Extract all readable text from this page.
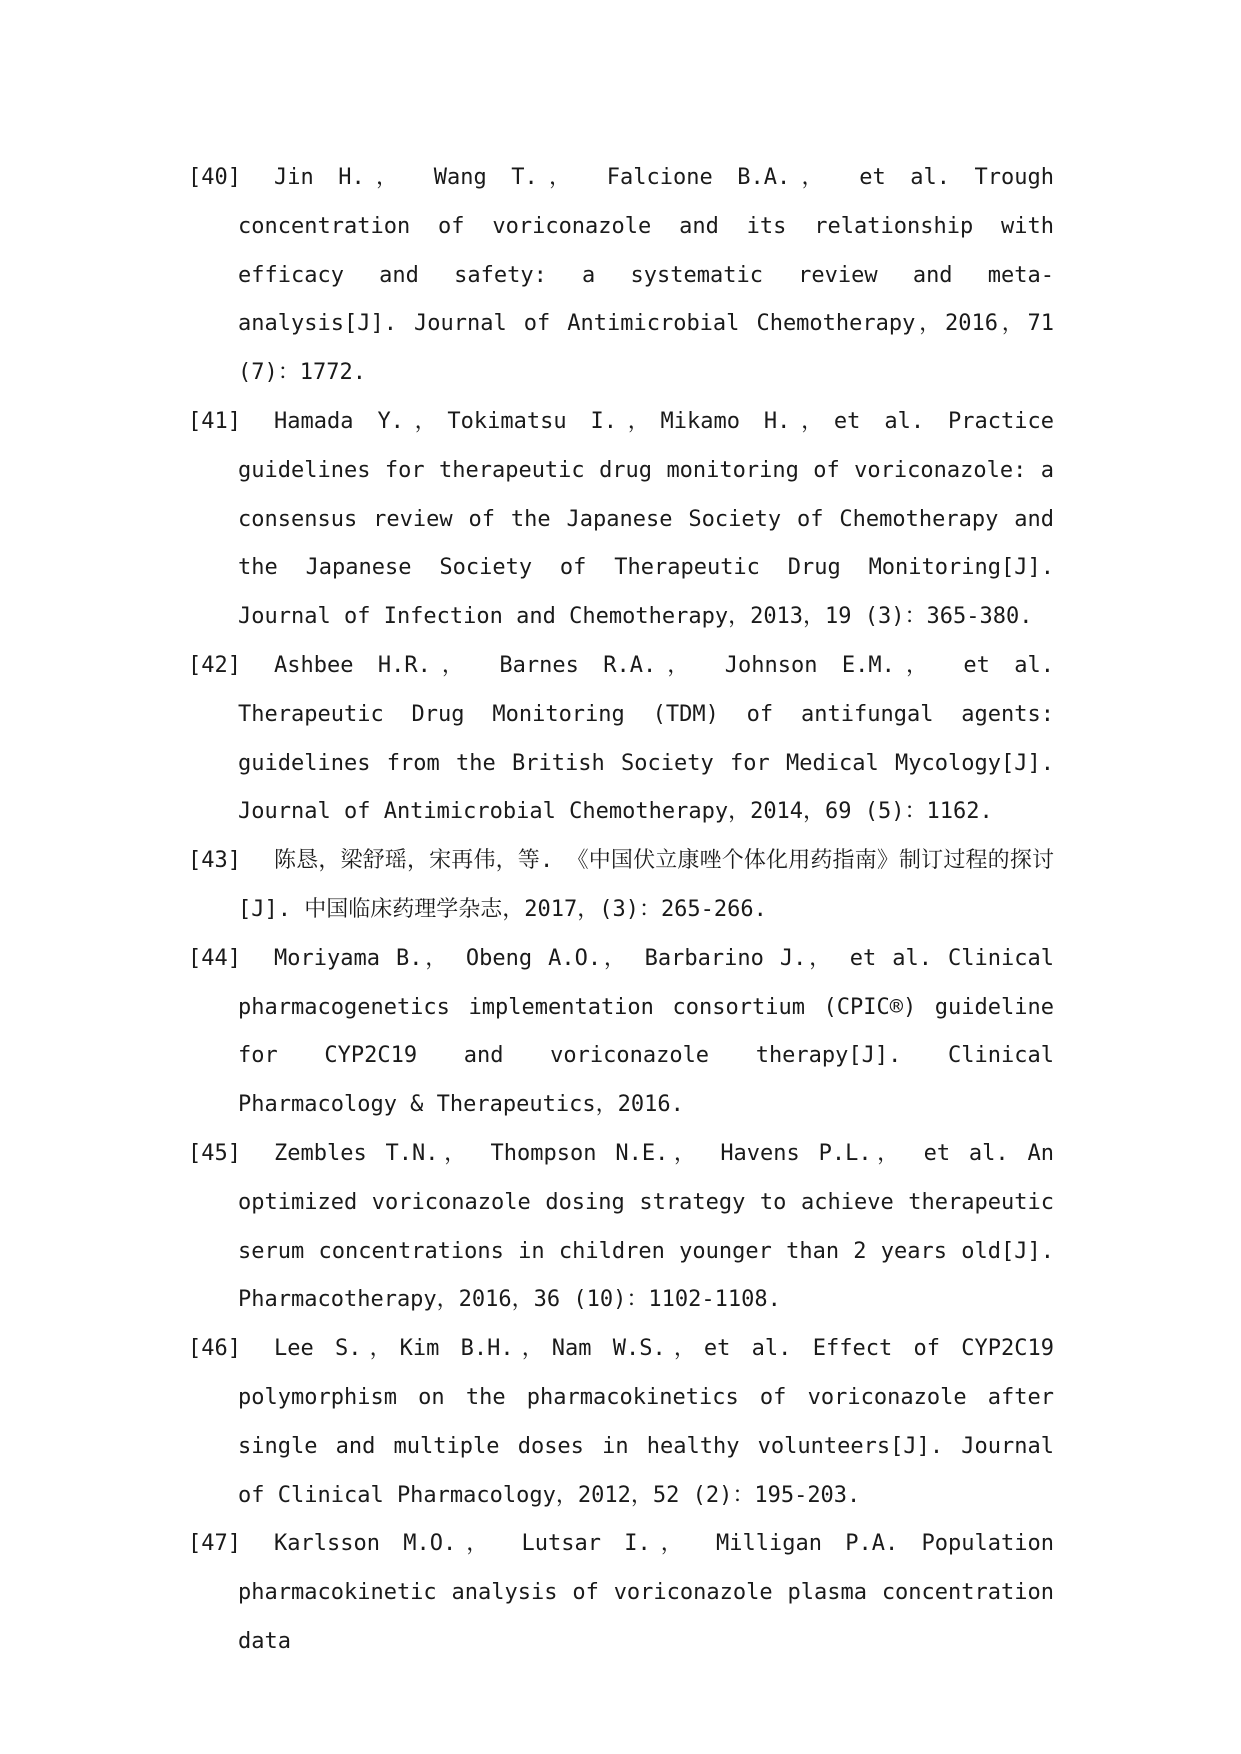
[40]	Jin H.， Wang T.， Falcione B.A.， et al. Trough concentration of voriconazole and its relationship with efficacy and safety: a systematic review and meta-analysis[J]. Journal of Antimicrobial Chemotherapy，2016，71 (7)：1772.
[41]	Hamada Y.，Tokimatsu I.，Mikamo H.，et al. Practice guidelines for therapeutic drug monitoring of voriconazole: a consensus review of the Japanese Society of Chemotherapy and the Japanese Society of Therapeutic Drug Monitoring[J]. Journal of Infection and Chemotherapy，2013，19 (3)：365-380.
[42]	Ashbee H.R.， Barnes R.A.， Johnson E.M.， et al. Therapeutic Drug Monitoring (TDM) of antifungal agents: guidelines from the British Society for Medical Mycology[J]. Journal of Antimicrobial Chemotherapy，2014，69 (5)：1162.
[43]	陈恳，梁舒瑶，宋再伟，等. 《中国伏立康唑个体化用药指南》制订过程的探讨[J]. 中国临床药理学杂志，2017，(3)：265-266.
[44]	Moriyama B.， Obeng A.O.， Barbarino J.， et al. Clinical pharmacogenetics implementation consortium (CPIC®) guideline for CYP2C19 and voriconazole therapy[J]. Clinical Pharmacology & Therapeutics，2016.
[45]	Zembles T.N.， Thompson N.E.， Havens P.L.， et al. An optimized voriconazole dosing strategy to achieve therapeutic serum concentrations in children younger than 2 years old[J]. Pharmacotherapy，2016，36 (10)：1102-1108.
[46]	Lee S.，Kim B.H.，Nam W.S.，et al. Effect of CYP2C19 polymorphism on the pharmacokinetics of voriconazole after single and multiple doses in healthy volunteers[J]. Journal of Clinical Pharmacology，2012，52 (2)：195-203.
[47]	Karlsson M.O.， Lutsar I.， Milligan P.A. Population pharmacokinetic analysis of voriconazole plasma concentration data
